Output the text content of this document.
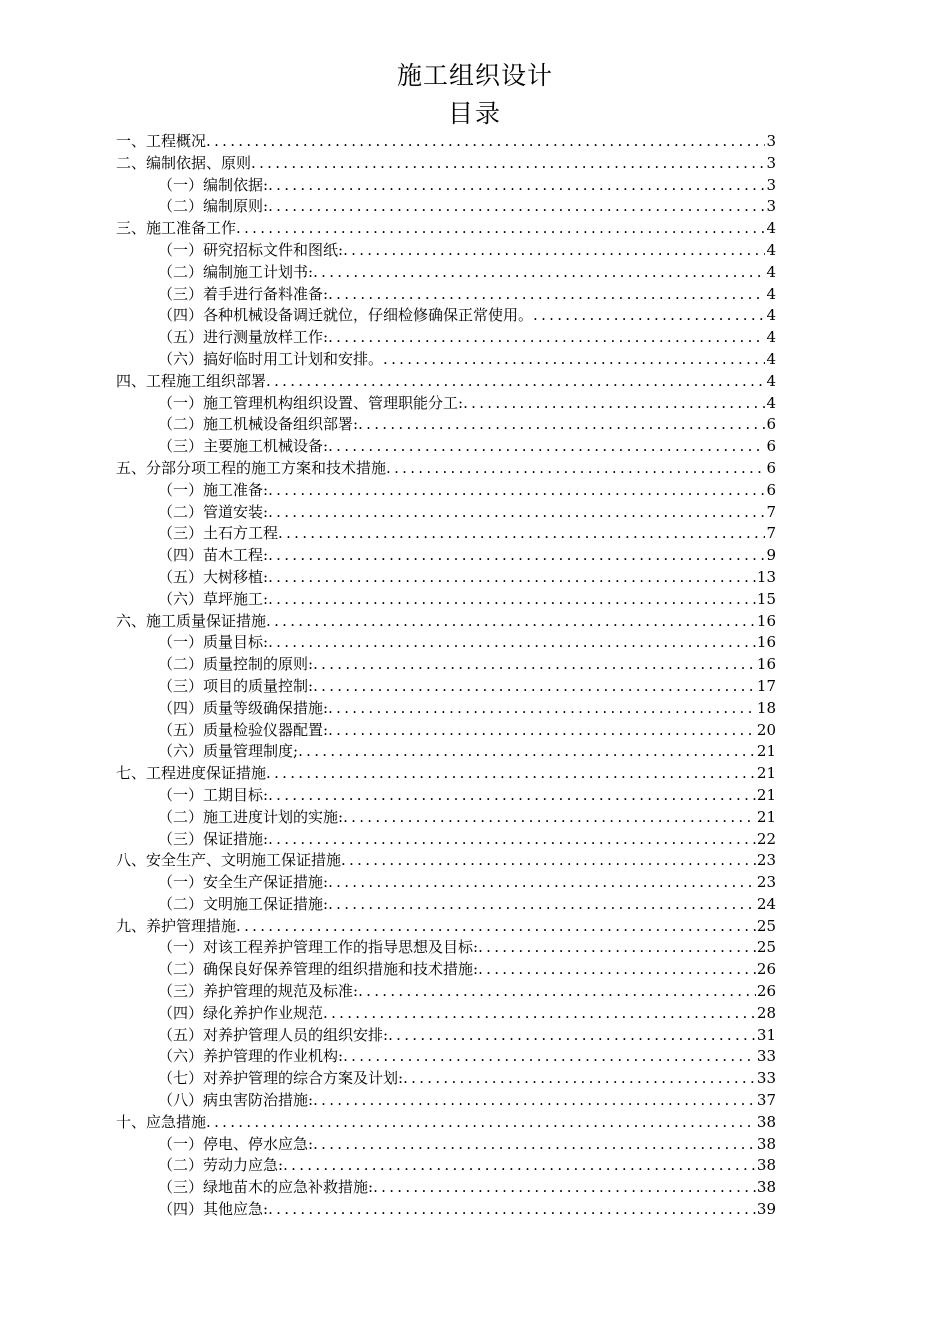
施工组织设计
目录
一、工程概况 .....	3
二、编制依据、原则 .....	3
（一）编制依据: .....	3
（二）编制原则: .....	3
三、施工准备工作 .....	4
（一）研究招标文件和图纸: .....	4
（二）编制施工计划书: .....	4
（三）着手进行备料准备: .....	4
（四）各种机械设备调迁就位，仔细检修确保正常使用。 .....	4
（五）进行测量放样工作: .....	4
（六）搞好临时用工计划和安排。 .....	4
四、工程施工组织部署 .....	4
（一）施工管理机构组织设置、管理职能分工: .....	4
（二）施工机械设备组织部署: .....	6
（三）主要施工机械设备: .....	6
五、分部分项工程的施工方案和技术措施 .....	6
（一）施工准备: .....	6
（二）管道安装: .....	7
（三）土石方工程 .....	7
（四）苗木工程: .....	9
（五）大树移植: .....	13
（六）草坪施工: .....	15
六、施工质量保证措施 .....	16
（一）质量目标: .....	16
（二）质量控制的原则: .....	16
（三）项目的质量控制: .....	17
（四）质量等级确保措施: .....	18
（五）质量检验仪器配置: .....	20
（六）质量管理制度; .....	21
七、工程进度保证措施 .....	21
（一）工期目标: .....	21
（二）施工进度计划的实施: .....	21
（三）保证措施: .....	22
八、安全生产、文明施工保证措施 .....	23
（一）安全生产保证措施: .....	23
（二）文明施工保证措施: .....	24
九、养护管理措施 .....	25
（一）对该工程养护管理工作的指导思想及目标: .....	25
（二）确保良好保养管理的组织措施和技术措施: .....	26
（三）养护管理的规范及标准: .....	26
（四）绿化养护作业规范 .....	28
（五）对养护管理人员的组织安排: .....	31
（六）养护管理的作业机构: .....	33
（七）对养护管理的综合方案及计划: .....	33
（八）病虫害防治措施: .....	37
十、应急措施 .....	38
（一）停电、停水应急: .....	38
（二）劳动力应急: .....	38
（三）绿地苗木的应急补救措施: .....	38
（四）其他应急: .....	39
